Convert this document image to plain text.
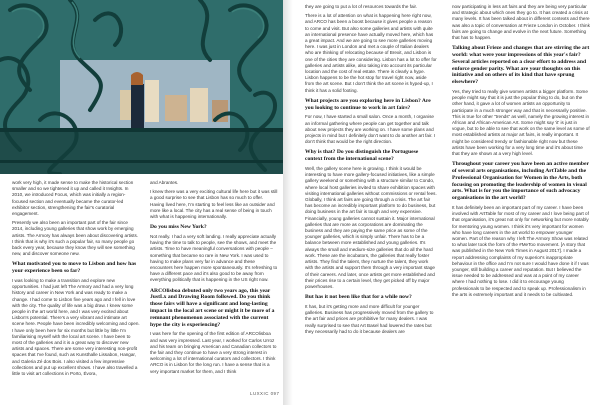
work very high, it made sense to make the historical section smaller and so we tightened it up and called it Insights. In 2010, we introduced Focus, which was initially a region-focused section and eventually became the curator-led exhibitor section, strengthening the fair's curatorial engagement.

Presently we also been an important part of the fair since 2014, including young galleries that show work by emerging artists. The Armory has always been about discovering artists. I think that is why it's such a popular fair, so many people go back every year, because they know they will see something new, and discover someone new.

What motivated you to move to Lisbon and how has your experience been so far?

I was looking to make a transition and explore new opportunities. I had just left The Armory and had a very long history and career in New York and was ready to make a change. I had come to Lisbon five years ago and I fell in love with the city. The quality of life was a big draw. I knew some people in the art world here, and I was very excited about Lisbon's potential. There's a very vibrant and intimate art scene here. People have been incredibly welcoming and open. I have only been here for six months but little by little I'm familiarising myself with the local art scene. I have been to most of the galleries and it is a great way to discover new artists and spaces. There are some very interesting non-profit spaces that I've found, such as Kunsthalle Lissabon, Hangar, and Galeria Zé dos Bois. I also visited a few impressive collections and put up excellent shows. I have also travelled a little to visit art collections in Porto, Évora,

and Abrantes.

I knew there was a very exciting cultural life here but it was still a good surprise to see that Lisbon has so much to offer. Having lived here, I'm starting to feel less like an outsider and more like a local. The city has a real sense of being in touch with what is happening internationally.

Do you miss New York?

Not really. I had a very soft landing. I really appreciate actually having the time to talk to people, see the shows, and meet the artists. Time to have meaningful conversations with people – something that became so rare in New York. I was used to having to make plans very far in advance and these encounters here happen more spontaneously. It's refreshing to have a different pace and it's also good to be away from everything politically that is happening in the US right now.

ARCOlisboa debuted only two years ago, this year JustLx and Drawing Room followed. Do you think those fairs will have a significant and long-lasting impact in the local art scene or might it be more of a remnant phenomenon associated with the current hype the city is experiencing?

I was here for the opening of the first edition of ARCOlisboa and was very impressed. Last year, I worked for Carlos Urroz and his team on bringing American and Canadian collectors to the fair and they continue to have a very strong interest in welcoming a lot of international curators and collectors. I think ARCO is in Lisbon for the long run. I have a sense that is a very important market for them, and I think

they are going to put a lot of resources towards the fair.

There is a lot of attention on what is happening here right now, and ARCO has been a boost because it gives people a reason to come and visit. But also some galleries and artists with quite an international presence have actually moved here, which has a great impact. And we are going to see more galleries moving here. I was just in London and met a couple of Italian dealers who are thinking of relocating because of Brexit, and Lisbon is one of the cities they are considering. Lisbon has a lot to offer for galleries and artists alike, also taking into account its particular location and the cost of real estate. There is clearly a hype. Lisbon happens to be the hot stop for travel right now, aside from the art scene. But I don't think the art scene is hyped-up, I think it has a solid footing.

What projects are you exploring here in Lisbon? Are you looking to continue to work in art fairs?

For now, I have started a small salon. Once a month, I organise an informal gathering where people can get together and talk about new projects they are working on. I have some plans and projects in mind but I definitely don't want to do another art fair. I don't think that would be the right direction.

Why is that? Do you distinguish the Portuguese context from the international scene?

Well, the gallery scene here is growing. I think it would be interesting to have more gallery-focused initiatives, like a simple gallery weekend or something with a structure similar to Condo, where local host galleries invited to share exhibition spaces with visiting international galleries without commissions or rental fees. Globally, I think art fairs are going through a crisis. The art fair has become an incredibly important platform to do business, but doing business in the art fair is tough and very expensive. Financially, young galleries cannot sustain it. Major international galleries that are more as corporations are dominating the business and they are paying the same price as some of the younger galleries, which is simply unfair. There has to be a balance between more established and young galleries. It's always the small and medium-size galleries that do all the hard work. These are the incubators, the galleries that really foster artists. They find the talent, they nurture the talent, they work with the artists and support them through a very important stage of their careers. And later, once artists get more established and their prices rise to a certain level, they get picked off by major powerhouses.

But has it not been like that for a while now?

It has, but it's getting more and more difficult for younger galleries. Business has progressively moved from the gallery to the art fair and prices are prohibitive for many dealers. I was really surprised to see that Art Basel had lowered the rates but they necessarily had to do it because dealers are

now participating in less art fairs and they are being very particular and strategic about which ones they go to. It has created a crisis at many levels. It has been talked about in different contexts and there was also a topic of conversation at Frieze London in October. I think fairs are going to change and evolve in the next future. Something that has to happen.

Talking about Frieze and changes that are stirring the art world: what were your impressions of this year's fair? Several articles reported on a clear effort to address and enforce gender parity. What are your thoughts on this initiative and on others of its kind that have sprung elsewhere?

Yes, they tried to really give women artists a bigger platform. Some people might say that it is just the popular thing to do, but on the other hand, it gave a lot of women artists an opportunity to participate in a much stronger way and that is necessarily positive. This is true for other "trends" as well, namely the growing interest in African and African-American Art. Some might say 'it' is just in vogue, but to be able to see that work on the same level as some of most established artists at major art fairs, is really important. It might be considered trendy or fashionable right now but these artists have been working for a very long time and it's about time that they are shown at a very high level.

Throughout your career you have been an active member of several arts organisations, including ArtTable and the Professional Organisation for Women in the Arts, both focusing on promoting the leadership of women in visual arts. What is for you the importance of such advocacy organisations in the art world?

It has definitely been an important part of my career. I have been involved with ArtTable for most of my career and I love being part of that organisation, it's great not only for networking but more notably for mentoring young women. I think it's very important for women who have long careers in the art world to empower younger women. Part of the reason why I left The Armory Show was related to what later took the form of the #MeToo movement. [A story that was published in the New York Times in August 2017]. I made a report addressing complaints of my superior's inappropriate behaviour in the office and I'm not sure I would have done it if I was younger, still building a career and reputation. But I believed the issue needed to be addressed and was at a point of my career where I had nothing to lose. I did it to encourage young professionals to be respected and to speak up. Professionalism in the arts is extremely important and it needs to be cultivated.

LUXXIC 097
